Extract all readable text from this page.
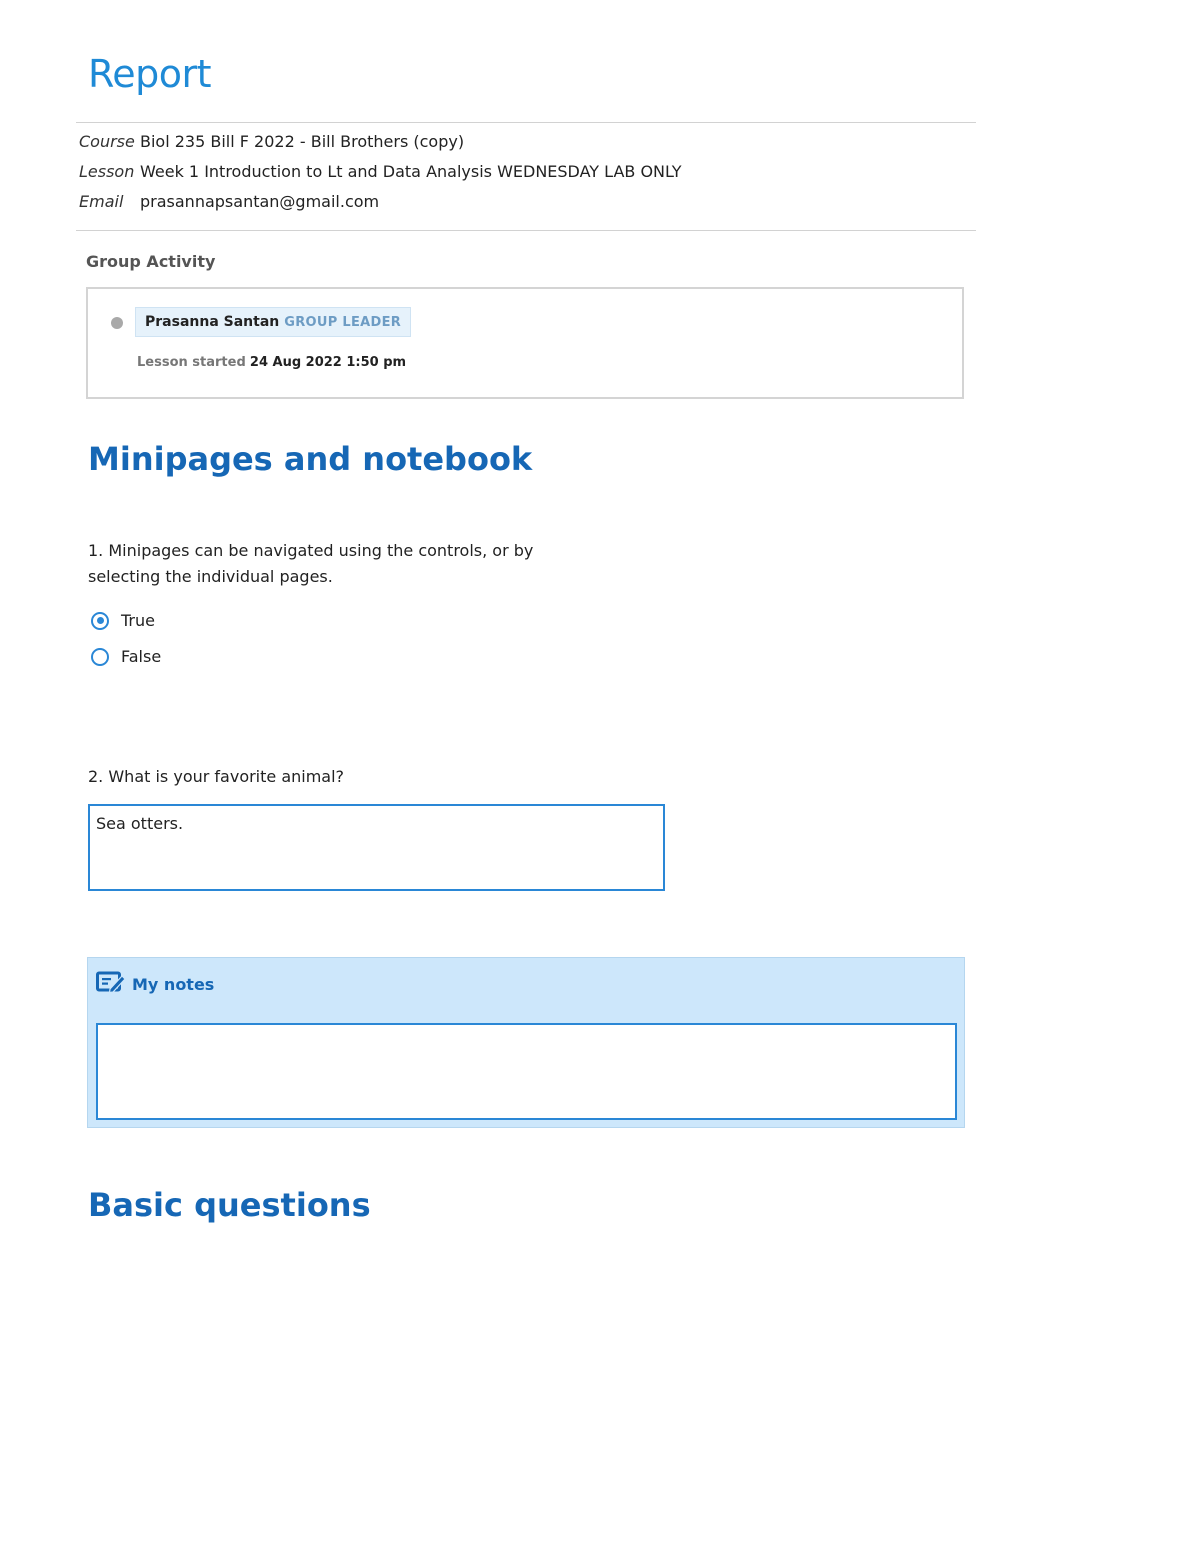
Report
Course Biol 235 Bill F 2022 - Bill Brothers (copy)
Lesson Week 1 Introduction to Lt and Data Analysis WEDNESDAY LAB ONLY
Email	prasannapsantan@gmail.com
Group Activity
Prasanna Santan GROUP LEADER
Lesson started 24 Aug 2022 1:50 pm
Minipages and notebook
1. Minipages can be navigated using the controls, or by selecting the individual pages.
True
False
2. What is your favorite animal?
Sea otters.
My notes
Basic questions
